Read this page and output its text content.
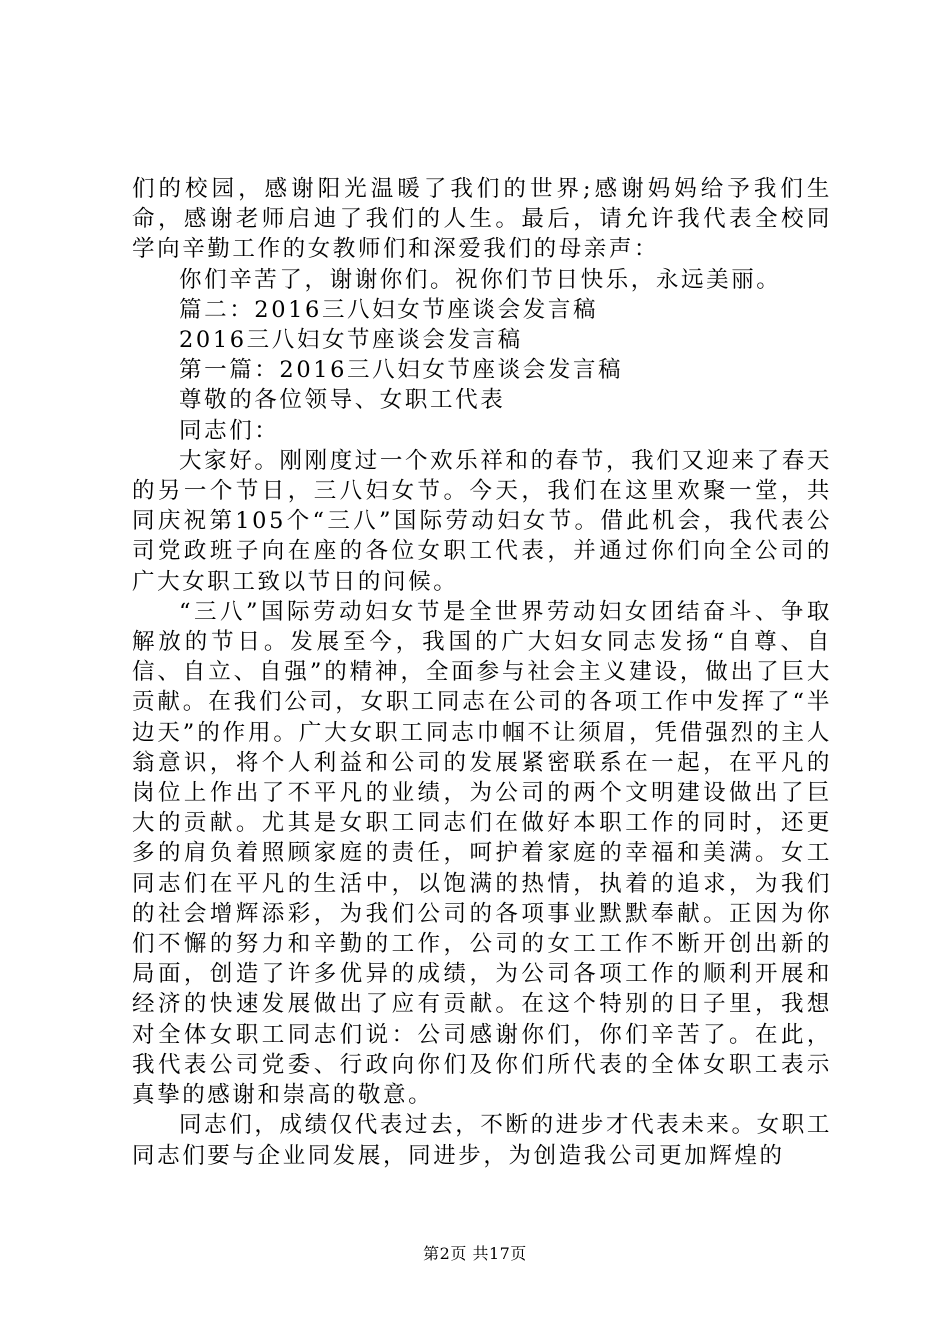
们的校园，感谢阳光温暖了我们的世界;感谢妈妈给予我们生命，感谢老师启迪了我们的人生。最后，请允许我代表全校同学向辛勤工作的女教师们和深爱我们的母亲声：

你们辛苦了，谢谢你们。祝你们节日快乐，永远美丽。

篇二：2016三八妇女节座谈会发言稿

2016三八妇女节座谈会发言稿

第一篇：2016三八妇女节座谈会发言稿

尊敬的各位领导、女职工代表

同志们：

大家好。刚刚度过一个欢乐祥和的春节，我们又迎来了春天的另一个节日，三八妇女节。今天，我们在这里欢聚一堂，共同庆祝第105个“三八”国际劳动妇女节。借此机会，我代表公司党政班子向在座的各位女职工代表，并通过你们向全公司的广大女职工致以节日的问候。

“三八”国际劳动妇女节是全世界劳动妇女团结奋斗、争取解放的节日。发展至今，我国的广大妇女同志发扬“自尊、自信、自立、自强”的精神，全面参与社会主义建设，做出了巨大贡献。在我们公司，女职工同志在公司的各项工作中发挥了“半边天”的作用。广大女职工同志巾帼不让须眉，凭借强烈的主人翁意识，将个人利益和公司的发展紧密联系在一起，在平凡的岗位上作出了不平凡的业绩，为公司的两个文明建设做出了巨大的贡献。尤其是女职工同志们在做好本职工作的同时，还更多的肩负着照顾家庭的责任，呵护着家庭的幸福和美满。女工同志们在平凡的生活中，以饱满的热情，执着的追求，为我们的社会增辉添彩，为我们公司的各项事业默默奉献。正因为你们不懈的努力和辛勤的工作，公司的女工工作不断开创出新的局面，创造了许多优异的成绩，为公司各项工作的顺利开展和经济的快速发展做出了应有贡献。在这个特别的日子里，我想对全体女职工同志们说：公司感谢你们，你们辛苦了。在此，我代表公司党委、行政向你们及你们所代表的全体女职工表示真挚的感谢和崇高的敬意。

同志们，成绩仅代表过去，不断的进步才代表未来。女职工同志们要与企业同发展，同进步，为创造我公司更加辉煌的

第2页 共17页
